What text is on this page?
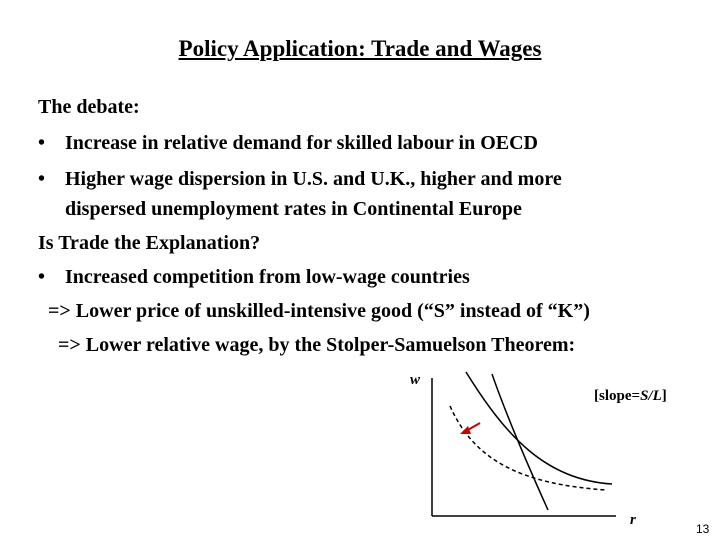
Policy Application: Trade and Wages
The debate:
• Increase in relative demand for skilled labour in OECD
• Higher wage dispersion in U.S. and U.K., higher and more
dispersed unemployment rates in Continental Europe
Is Trade the Explanation?
• Increased competition from low-wage countries
=> Lower price of unskilled-intensive good (“S” instead of “K”)
=> Lower relative wage, by the Stolper-Samuelson Theorem:
w
r
[slope=S/L]
13
